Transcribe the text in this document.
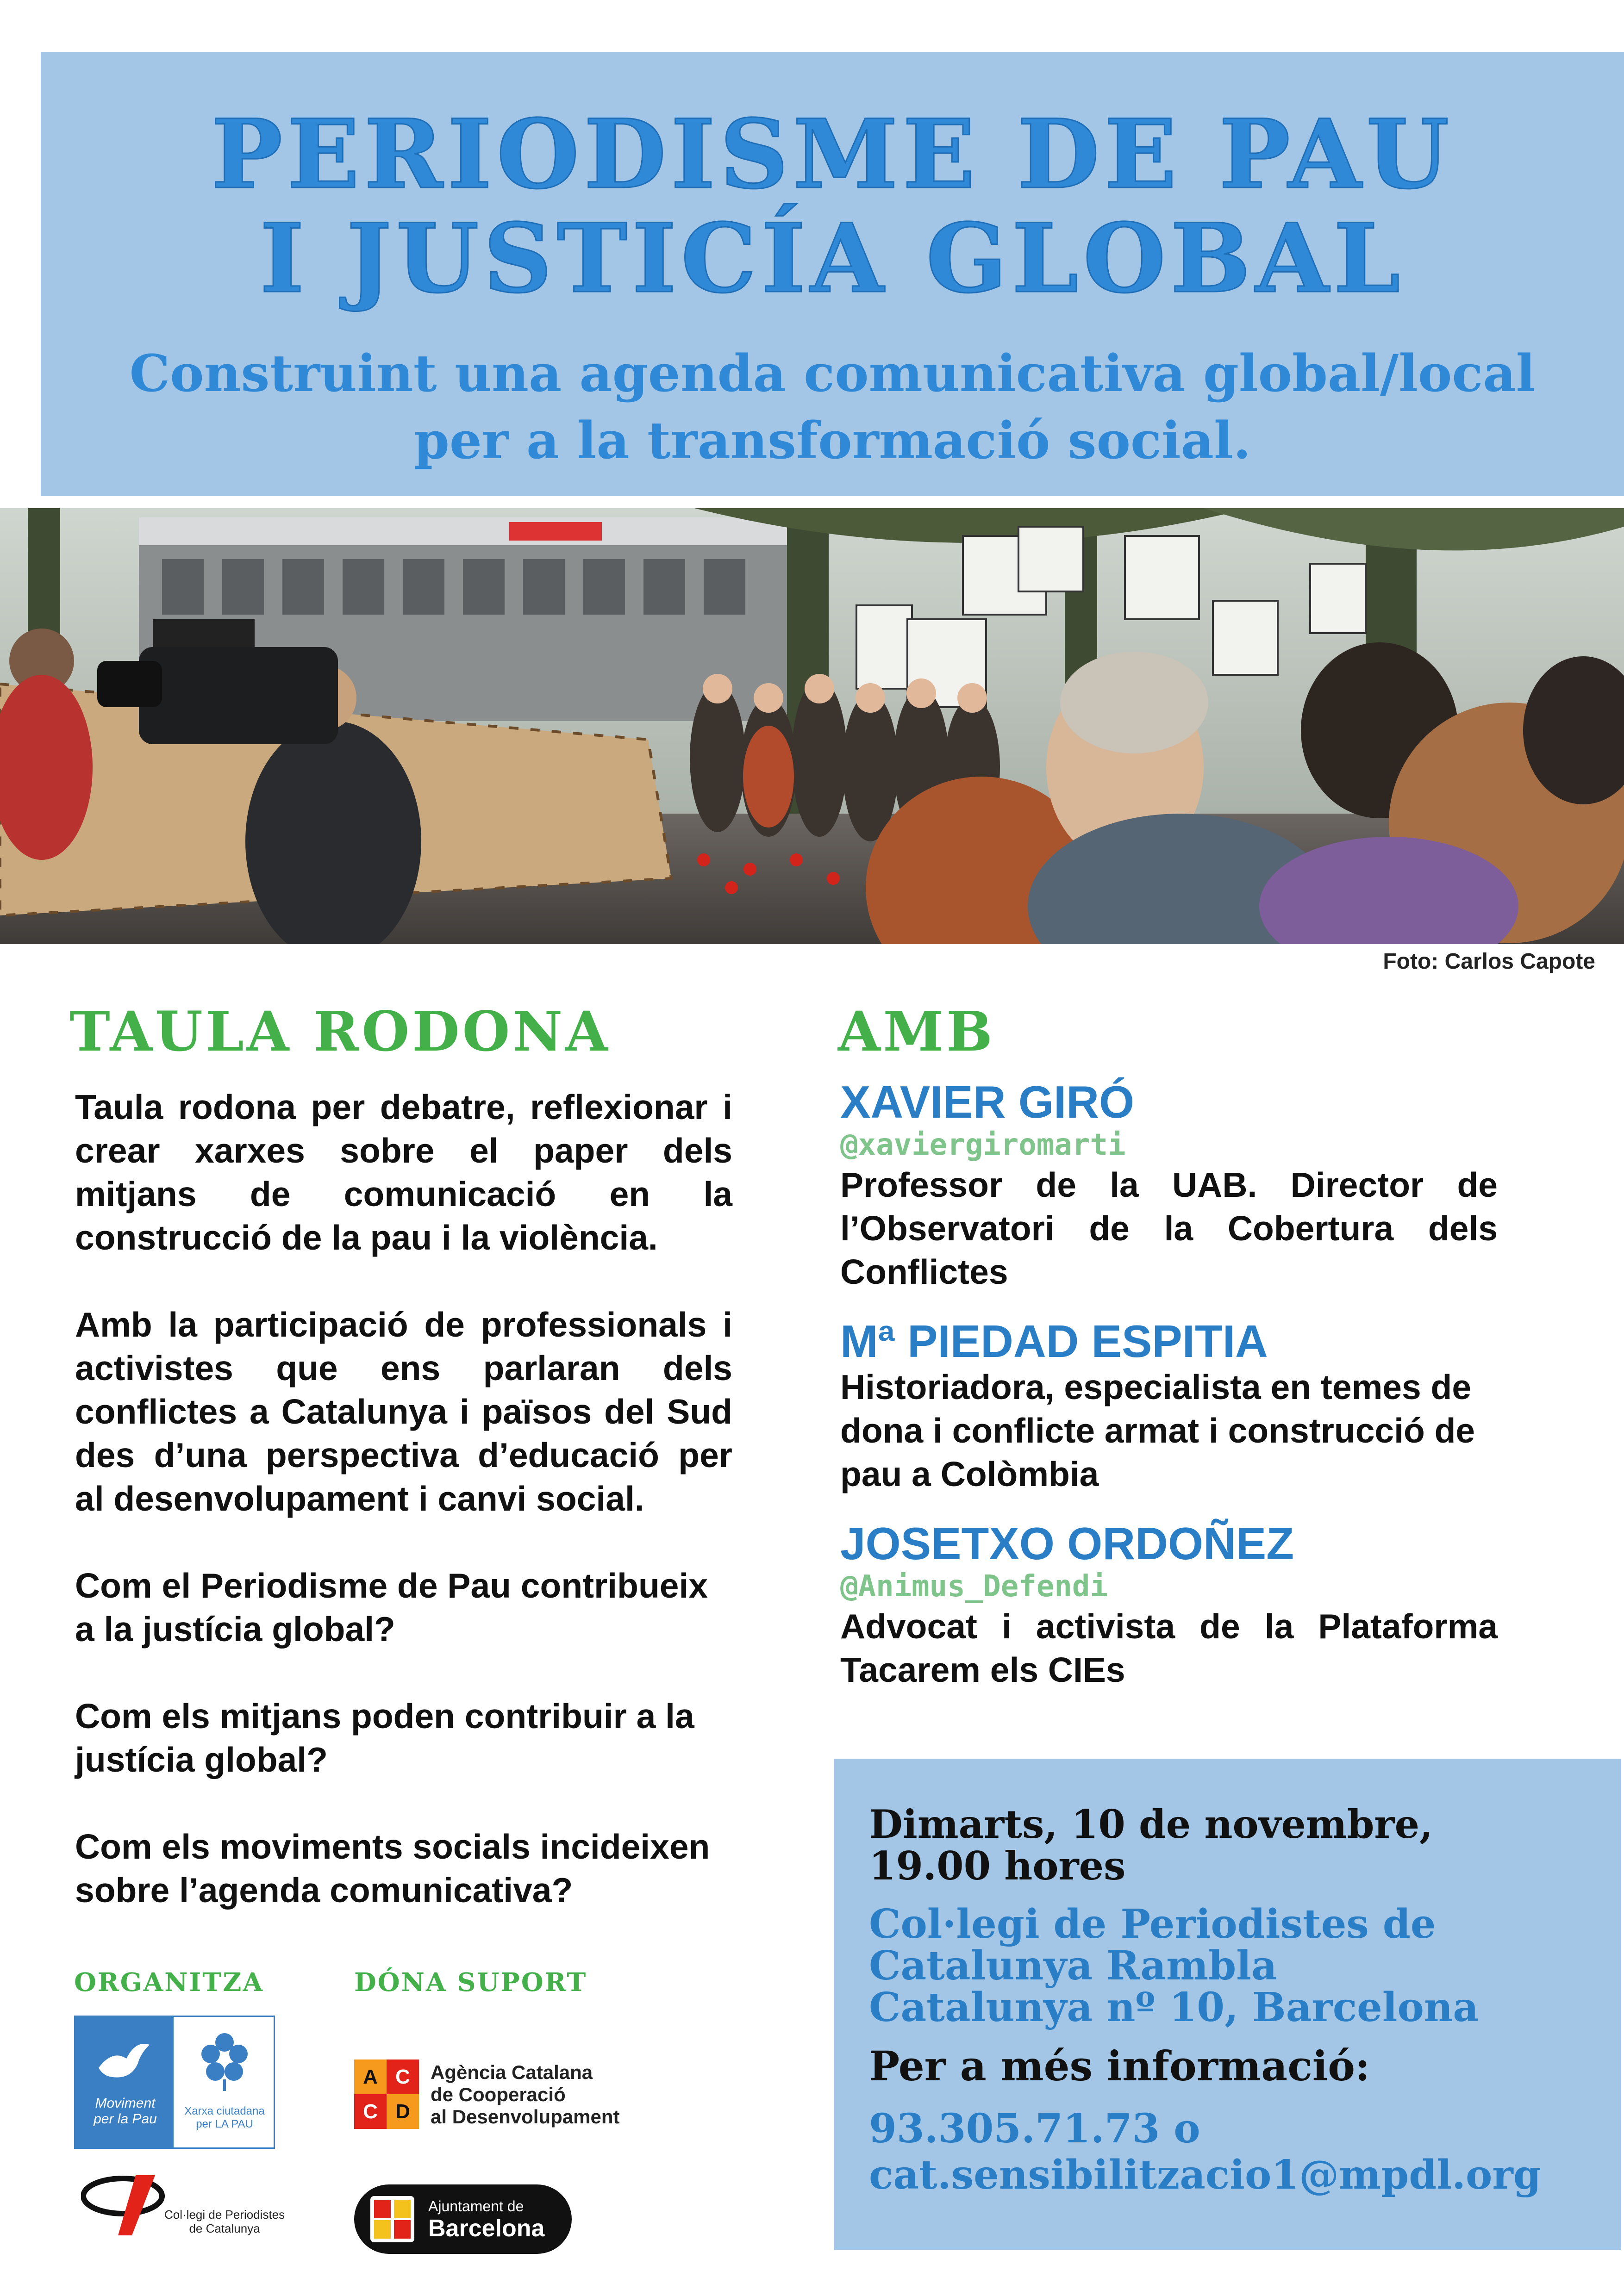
PERIODISME DE PAU
I JUSTICÍA GLOBAL
Construint una agenda comunicativa global/local
per a la transformació social.
Foto: Carlos Capote
TAULA RODONA

Taula rodona per debatre, reflexionar i crear xarxes sobre el paper dels mitjans de comunicació en la construcció de la pau i la violència.

Amb la participació de professionals i activistes que ens parlaran dels conflictes a Catalunya i països del Sud des d’una perspectiva d’educació per al desenvolupament i canvi social.

Com el Periodisme de Pau contribueix a la justícia global?

Com els mitjans poden contribuir a la justícia global?

Com els moviments socials incideixen sobre l’agenda comunicativa?

AMB

XAVIER GIRÓ

@xaviergiromarti

Professor de la UAB. Director de l’Observatori de la Cobertura dels Conflictes

Mª PIEDAD ESPITIA

Historiadora, especialista en temes de dona i conflicte armat i construcció de pau a Colòmbia

JOSETXO ORDOÑEZ

@Animus_Defendi

Advocat i activista de la Plataforma Tacarem els CIEs

Dimarts, 10 de novembre,
19.00 hores
Col·legi de Periodistes de
Catalunya Rambla
Catalunya nº 10, Barcelona
Per a més informació:
93.305.71.73 o
cat.sensibilitzacio1@mpdl.org
ORGANITZA	DÓNA SUPORT
Moviment
per la Pau
Xarxa ciutadana
per LA PAU
Col·legi de Periodistes
de Catalunya
A C
C D
Agència Catalana
de Cooperació
al Desenvolupament
Ajuntament de
Barcelona
